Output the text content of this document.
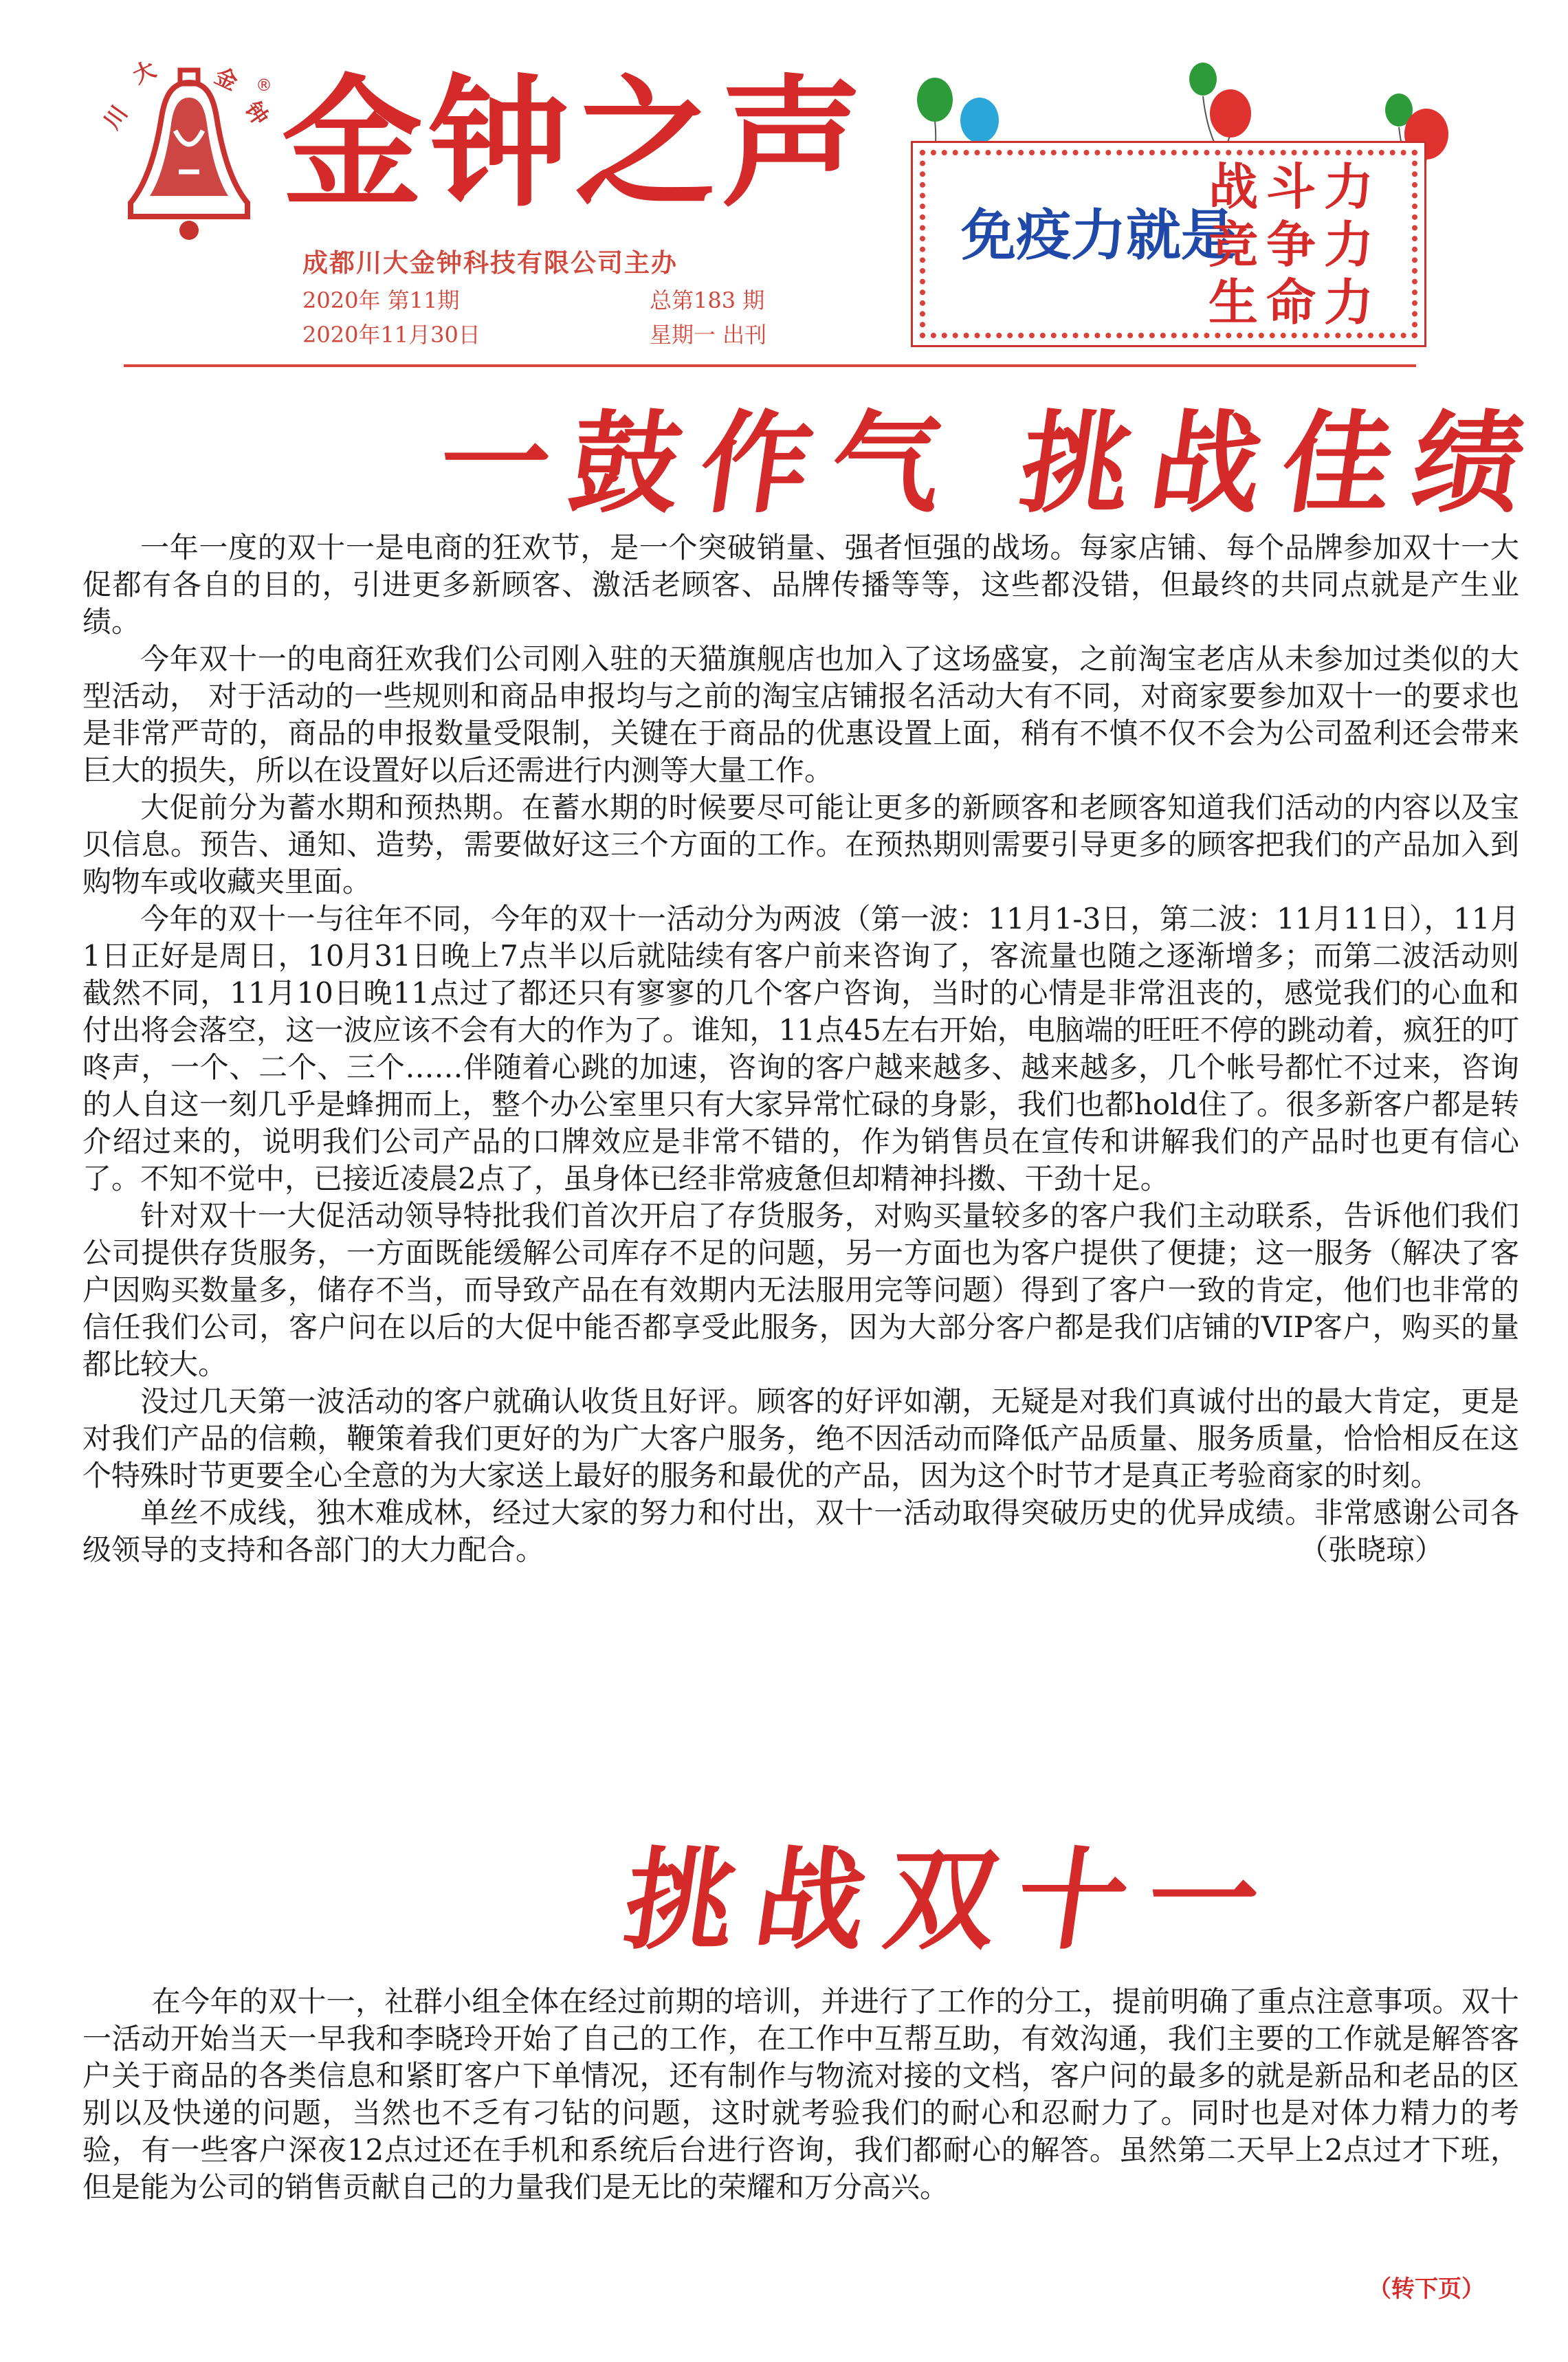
川
大 金
钟
® 金钟之声
成都川大金钟科技有限公司主办
2020年 第11期	总第183 期
2020年11月30日	星期一 出刊
免疫力就是
战斗力
竞争力
生命力
一鼓作气 挑战佳绩

一年一度的双十一是电商的狂欢节，是一个突破销量、强者恒强的战场。每家店铺、每个品牌参加双十一大促都有各自的目的，引进更多新顾客、激活老顾客、品牌传播等等，这些都没错，但最终的共同点就是产生业绩。

今年双十一的电商狂欢我们公司刚入驻的天猫旗舰店也加入了这场盛宴，之前淘宝老店从未参加过类似的大型活动， 对于活动的一些规则和商品申报均与之前的淘宝店铺报名活动大有不同，对商家要参加双十一的要求也是非常严苛的，商品的申报数量受限制，关键在于商品的优惠设置上面，稍有不慎不仅不会为公司盈利还会带来巨大的损失，所以在设置好以后还需进行内测等大量工作。

大促前分为蓄水期和预热期。在蓄水期的时候要尽可能让更多的新顾客和老顾客知道我们活动的内容以及宝贝信息。预告、通知、造势，需要做好这三个方面的工作。在预热期则需要引导更多的顾客把我们的产品加入到购物车或收藏夹里面。

今年的双十一与往年不同，今年的双十一活动分为两波（第一波：11月1-3日，第二波：11月11日），11月1日正好是周日，10月31日晚上7点半以后就陆续有客户前来咨询了，客流量也随之逐渐增多；而第二波活动则截然不同，11月10日晚11点过了都还只有寥寥的几个客户咨询，当时的心情是非常沮丧的，感觉我们的心血和付出将会落空，这一波应该不会有大的作为了。谁知，11点45左右开始，电脑端的旺旺不停的跳动着，疯狂的叮咚声，一个、二个、三个……伴随着心跳的加速，咨询的客户越来越多、越来越多，几个帐号都忙不过来，咨询的人自这一刻几乎是蜂拥而上，整个办公室里只有大家异常忙碌的身影，我们也都hold住了。很多新客户都是转介绍过来的，说明我们公司产品的口牌效应是非常不错的，作为销售员在宣传和讲解我们的产品时也更有信心了。不知不觉中，已接近凌晨2点了，虽身体已经非常疲惫但却精神抖擞、干劲十足。

针对双十一大促活动领导特批我们首次开启了存货服务，对购买量较多的客户我们主动联系，告诉他们我们公司提供存货服务，一方面既能缓解公司库存不足的问题，另一方面也为客户提供了便捷；这一服务（解决了客户因购买数量多，储存不当，而导致产品在有效期内无法服用完等问题）得到了客户一致的肯定，他们也非常的信任我们公司，客户问在以后的大促中能否都享受此服务，因为大部分客户都是我们店铺的VIP客户，购买的量都比较大。

没过几天第一波活动的客户就确认收货且好评。顾客的好评如潮，无疑是对我们真诚付出的最大肯定，更是对我们产品的信赖，鞭策着我们更好的为广大客户服务，绝不因活动而降低产品质量、服务质量，恰恰相反在这个特殊时节更要全心全意的为大家送上最好的服务和最优的产品，因为这个时节才是真正考验商家的时刻。

单丝不成线，独木难成林，经过大家的努力和付出，双十一活动取得突破历史的优异成绩。非常感谢公司各级领导的支持和各部门的大力配合。	（张晓琼）

挑战双十一

在今年的双十一，社群小组全体在经过前期的培训，并进行了工作的分工，提前明确了重点注意事项。双十一活动开始当天一早我和李晓玲开始了自己的工作，在工作中互帮互助，有效沟通，我们主要的工作就是解答客户关于商品的各类信息和紧盯客户下单情况，还有制作与物流对接的文档，客户问的最多的就是新品和老品的区别以及快递的问题，当然也不乏有刁钻的问题，这时就考验我们的耐心和忍耐力了。同时也是对体力精力的考验，有一些客户深夜12点过还在手机和系统后台进行咨询，我们都耐心的解答。虽然第二天早上2点过才下班，但是能为公司的销售贡献自己的力量我们是无比的荣耀和万分高兴。

（转下页）
